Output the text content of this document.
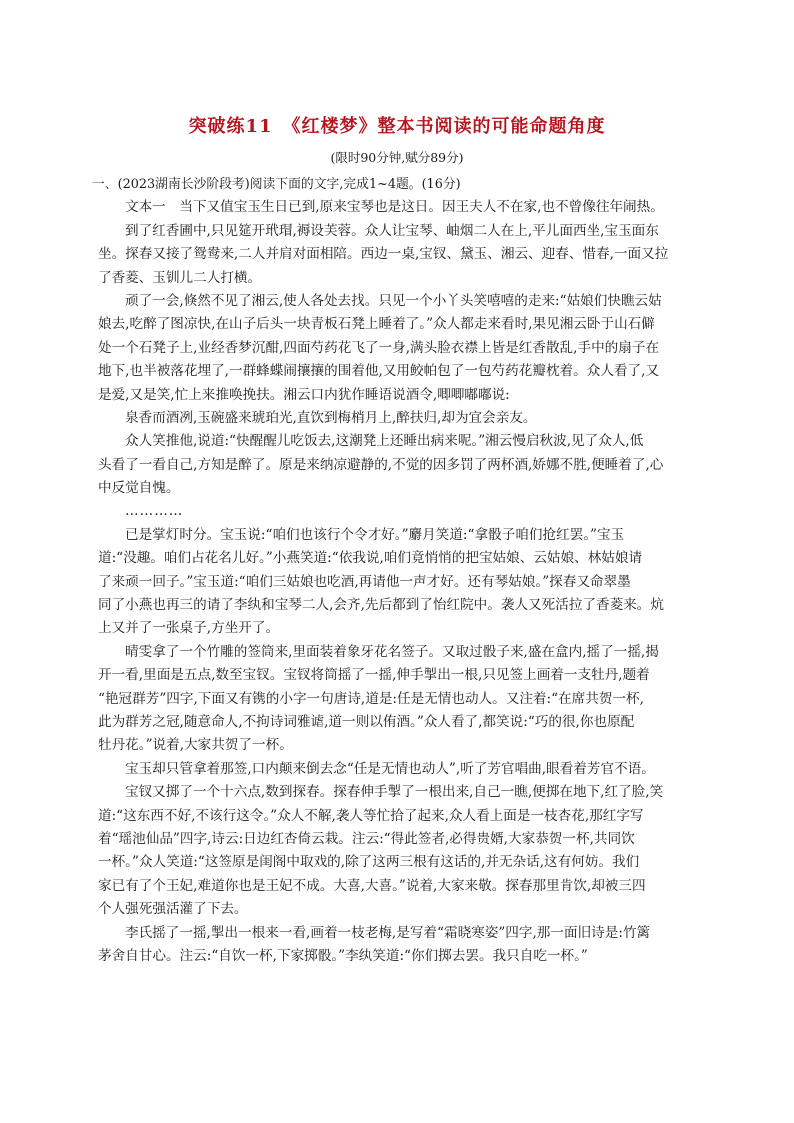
突破练11　《红楼梦》整本书阅读的可能命题角度
(限时90分钟,赋分89分)
一、(2023湖南长沙阶段考)阅读下面的文字,完成1~4题。(16分)
文本一　当下又值宝玉生日已到,原来宝琴也是这日。因王夫人不在家,也不曾像往年闹热。
到了红香圃中,只见筵开玳瑁,褥设芙蓉。众人让宝琴、岫烟二人在上,平儿面西坐,宝玉面东
坐。探春又接了鸳鸯来,二人并肩对面相陪。西边一桌,宝钗、黛玉、湘云、迎春、惜春,一面又拉
了香菱、玉钏儿二人打横。
顽了一会,倏然不见了湘云,使人各处去找。只见一个小丫头笑嘻嘻的走来:“姑娘们快瞧云姑
娘去,吃醉了图凉快,在山子后头一块青板石凳上睡着了。”众人都走来看时,果见湘云卧于山石僻
处一个石凳子上,业经香梦沉酣,四面芍药花飞了一身,满头脸衣襟上皆是红香散乱,手中的扇子在
地下,也半被落花埋了,一群蜂蝶闹攘攘的围着他,又用鲛帕包了一包芍药花瓣枕着。众人看了,又
是爱,又是笑,忙上来推唤挽扶。湘云口内犹作睡语说酒令,唧唧嘟嘟说:
泉香而酒冽,玉碗盛来琥珀光,直饮到梅梢月上,醉扶归,却为宜会亲友。
众人笑推他,说道:“快醒醒儿吃饭去,这潮凳上还睡出病来呢。”湘云慢启秋波,见了众人,低
头看了一看自己,方知是醉了。原是来纳凉避静的,不觉的因多罚了两杯酒,娇娜不胜,便睡着了,心
中反觉自愧。
…………
已是掌灯时分。宝玉说:“咱们也该行个令才好。”麝月笑道:“拿骰子咱们抢红罢。”宝玉
道:“没趣。咱们占花名儿好。”小燕笑道:“依我说,咱们竟悄悄的把宝姑娘、云姑娘、林姑娘请
了来顽一回子。”宝玉道:“咱们三姑娘也吃酒,再请他一声才好。还有琴姑娘。”探春又命翠墨
同了小燕也再三的请了李纨和宝琴二人,会齐,先后都到了怡红院中。袭人又死活拉了香菱来。炕
上又并了一张桌子,方坐开了。
晴雯拿了一个竹雕的签筒来,里面装着象牙花名签子。又取过骰子来,盛在盒内,摇了一摇,揭
开一看,里面是五点,数至宝钗。宝钗将筒摇了一摇,伸手掣出一根,只见签上画着一支牡丹,题着
“艳冠群芳”四字,下面又有镌的小字一句唐诗,道是:任是无情也动人。又注着:“在席共贺一杯,
此为群芳之冠,随意命人,不拘诗词雅谑,道一则以侑酒。”众人看了,都笑说:“巧的很,你也原配
牡丹花。”说着,大家共贺了一杯。
宝玉却只管拿着那签,口内颠来倒去念“任是无情也动人”,听了芳官唱曲,眼看着芳官不语。
宝钗又掷了一个十六点,数到探春。探春伸手掣了一根出来,自己一瞧,便掷在地下,红了脸,笑
道:“这东西不好,不该行这令。”众人不解,袭人等忙拾了起来,众人看上面是一枝杏花,那红字写
着“瑶池仙品”四字,诗云:日边红杏倚云栽。注云:“得此签者,必得贵婿,大家恭贺一杯,共同饮
一杯。”众人笑道:“这签原是闺阁中取戏的,除了这两三根有这话的,并无杂话,这有何妨。我们
家已有了个王妃,难道你也是王妃不成。大喜,大喜。”说着,大家来敬。探春那里肯饮,却被三四
个人强死强活灌了下去。
李氏摇了一摇,掣出一根来一看,画着一枝老梅,是写着“霜晓寒姿”四字,那一面旧诗是:竹篱
茅舍自甘心。注云:“自饮一杯,下家掷骰。”李纨笑道:“你们掷去罢。我只自吃一杯。”
